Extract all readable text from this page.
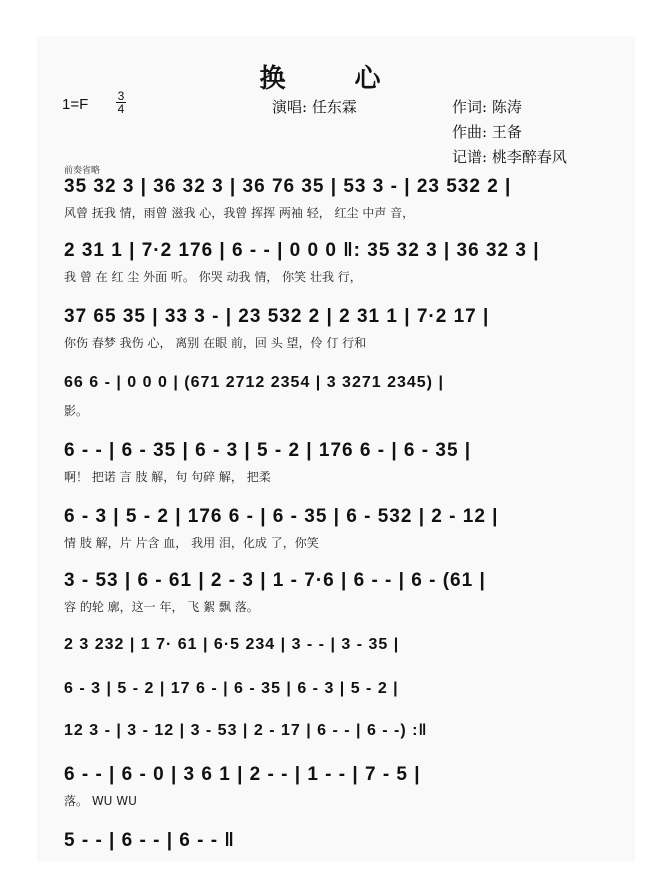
换 心
1=F 3
4	演唱: 任东霖	作词: 陈涛
作曲: 王备
记谱: 桃李醉春风
前奏省略
35 32 3 | 36 32 3 | 36 76 35 | 53 3 - | 23 532 2 |
风曾 抚我 情，雨曾 滋我 心，我曾 挥挥 两袖 轻， 红尘 中声 音，
2 31 1 | 7·2 176 | 6 - - | 0 0 0 ‖: 35 32 3 | 36 32 3 |
我 曾 在 红 尘 外面 听。 你哭 动我 情， 你笑 壮我 行，
37 65 35 | 33 3 - | 23 532 2 | 2 31 1 | 7·2 17 |
你伤 春梦 我伤 心， 离别 在眼 前，回 头 望，伶 仃 行和
66 6 - | 0 0 0 | (671 2712 2354 | 3 3271 2345) |
影。
6 - - | 6 - 35 | 6 - 3 | 5 - 2 | 176 6 - | 6 - 35 |
啊！ 把诺 言 肢 解，句 句碎 解， 把柔
6 - 3 | 5 - 2 | 176 6 - | 6 - 35 | 6 - 532 | 2 - 12 |
情 肢 解，片 片含 血， 我用 泪，化成 了，你笑
3 - 53 | 6 - 61 | 2 - 3 | 1 - 7·6 | 6 - - | 6 - (61 |
容 的轮 廓，这一 年， 飞 絮 飘 落。
2 3 232 | 1 7· 61 | 6·5 234 | 3 - - | 3 - 35 |
6 - 3 | 5 - 2 | 17 6 - | 6 - 35 | 6 - 3 | 5 - 2 |
12 3 - | 3 - 12 | 3 - 53 | 2 - 17 | 6 - - | 6 - -) :‖
6 - - | 6 - 0 | 3 6 1 | 2 - - | 1 - - | 7 - 5 |
落。 WU WU
5 - - | 6 - - | 6 - - ‖
